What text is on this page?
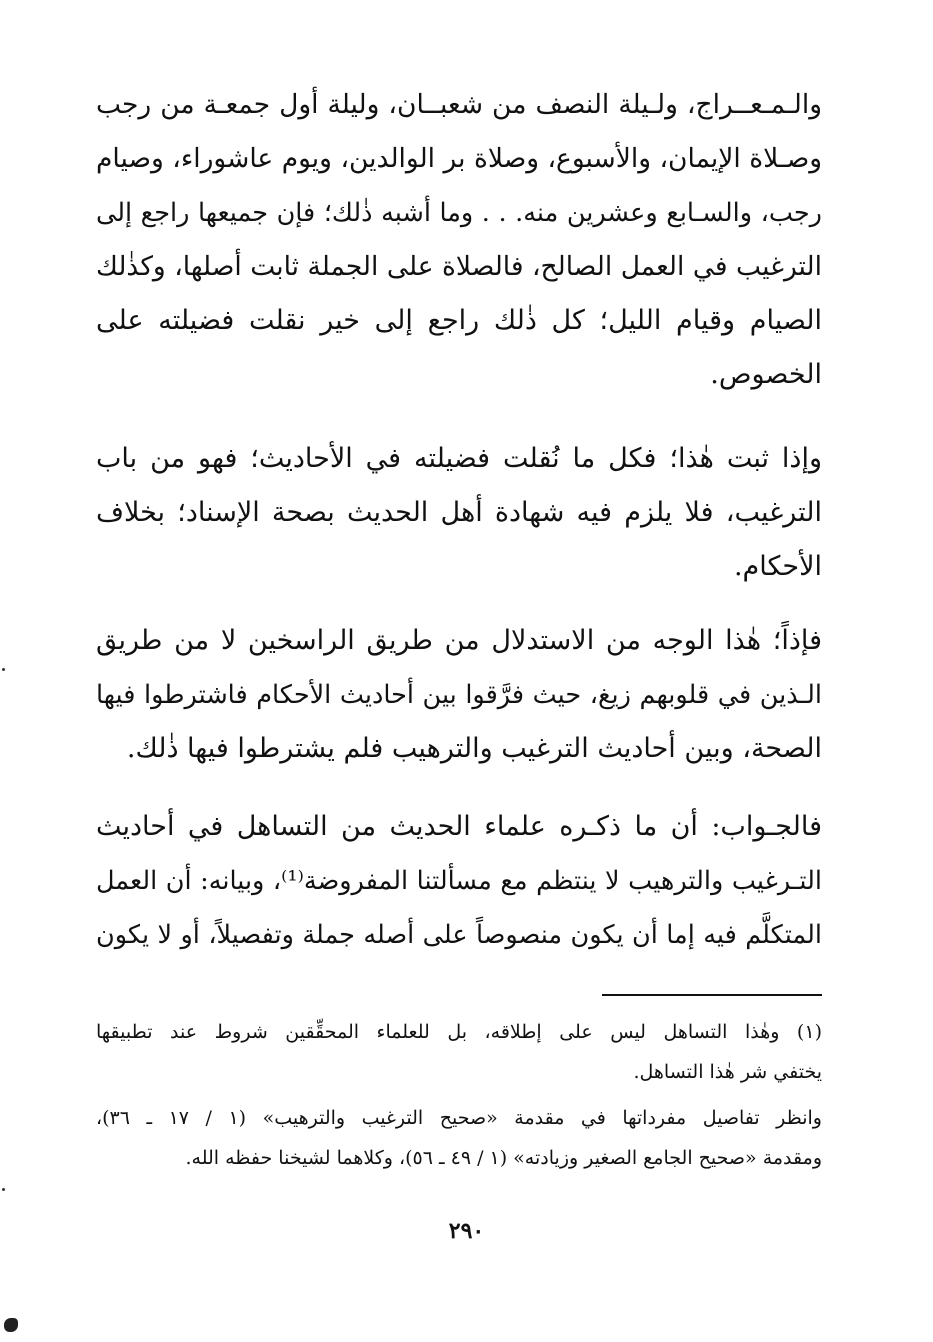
والـمـعــراج، ولـيلة النصف من شعبــان، وليلة أول جمعـة من رجب
وصـلاة الإيمان، والأسبوع، وصلاة بر الوالدين، ويوم عاشوراء، وصيام
رجب، والسـابع وعشرين منه. . . وما أشبه ذٰلك؛ فإن جميعها راجع إلى
الترغيب في العمل الصالح، فالصلاة على الجملة ثابت أصلها، وكذٰلك
الصيام وقيام الليل؛ كل ذٰلك راجع إلى خير نقلت فضيلته على
الخصوص.
وإذا ثبت هٰذا؛ فكل ما نُقلت فضيلته في الأحاديث؛ فهو من باب
الترغيب، فلا يلزم فيه شهادة أهل الحديث بصحة الإسناد؛ بخلاف
الأحكام.
فإذاً؛ هٰذا الوجه من الاستدلال من طريق الراسخين لا من طريق
الـذين في قلوبهم زيغ، حيث فرَّقوا بين أحاديث الأحكام فاشترطوا فيها
الصحة، وبين أحاديث الترغيب والترهيب فلم يشترطوا فيها ذٰلك.
فالجـواب: أن ما ذكـره علماء الحديث من التساهل في أحاديث
التـرغيب والترهيب لا ينتظم مع مسألتنا المفروضة⁽¹⁾، وبيانه: أن العمل
المتكلَّم فيه إما أن يكون منصوصاً على أصله جملة وتفصيلاً، أو لا يكون
(١) وهٰذا التساهل ليس على إطلاقه، بل للعلماء المحقِّقين شروط عند تطبيقها
يختفي شر هٰذا التساهل.
وانظر تفاصيل مفرداتها في مقدمة «صحيح الترغيب والترهيب» (١ / ١٧ ـ ٣٦)،
ومقدمة «صحيح الجامع الصغير وزيادته» (١ / ٤٩ ـ ٥٦)، وكلاهما لشيخنا حفظه الله.
٢٩٠
